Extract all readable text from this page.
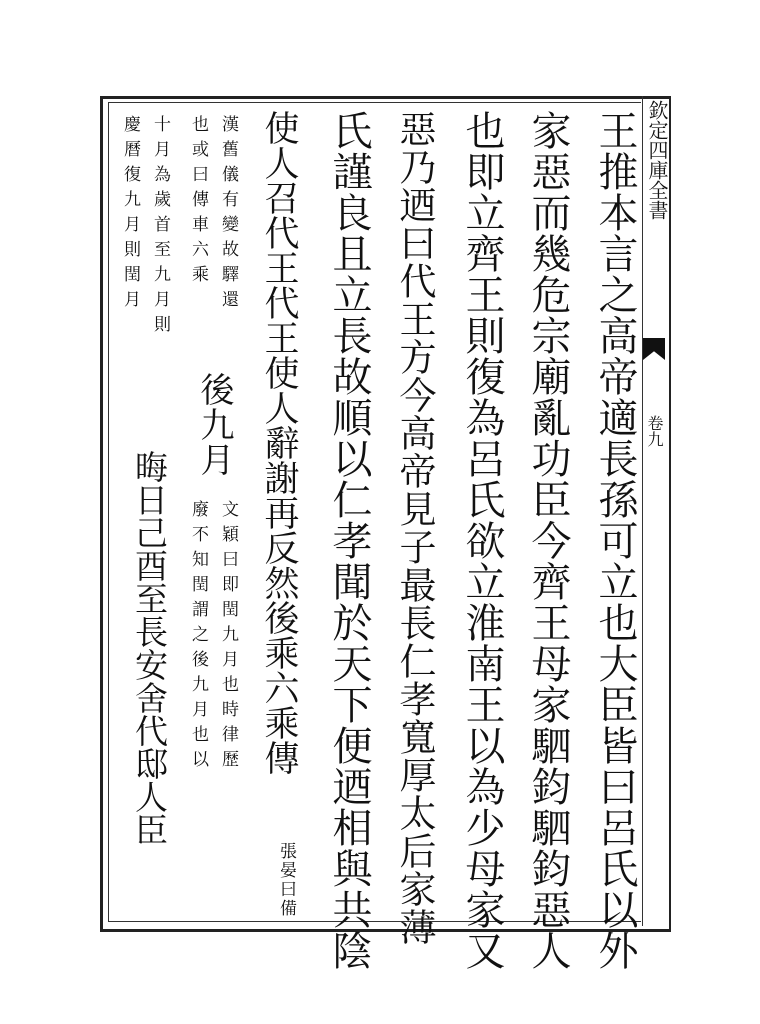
欽定四庫全書
卷九
王推本言之高帝適長孫可立也大臣皆曰呂氏以外
家惡而幾危宗廟亂功臣今齊王母家駟鈞駟鈞惡人
也即立齊王則復為呂氏欲立淮南王以為少母家又
惡乃迺曰代王方今高帝見子最長仁孝寬厚太后家薄
氏謹良且立長故順以仁孝聞於天下便迺相與共陰
使人召代王代王使人辭謝再反然後乘六乘傳
張晏曰備
漢舊儀有變故驛還
也或曰傳車六乘
後九月
文穎曰即閏九月也時律歷
廢不知閏謂之後九月也以
十月為歲首至九月則
慶曆復九月則閏月
晦日己酉至長安舍代邸人臣
